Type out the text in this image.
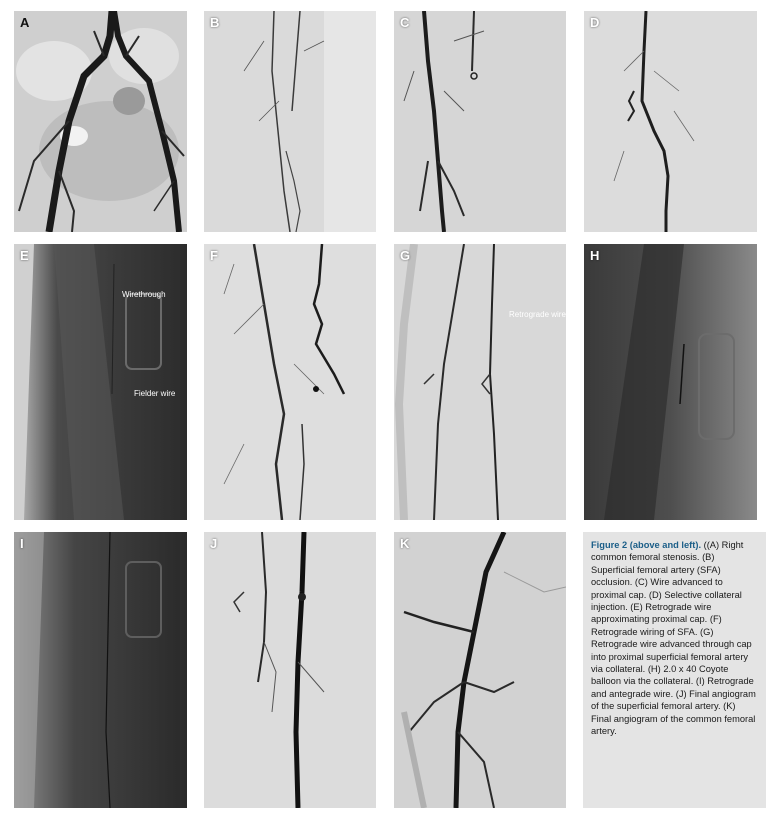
A	B	C	D
Wirethrough
Fielder wire
E	F
Retrograde wire
G	H
I	J	K	Figure 2 (above and left). ((A) Right common femoral stenosis. (B) Superficial femoral artery (SFA) occlusion. (C) Wire advanced to proximal cap. (D) Selective collateral injection. (E) Retrograde wire approximating proximal cap. (F) Retrograde wiring of SFA. (G) Retrograde wire advanced through cap into proximal superficial femoral artery via collateral. (H) 2.0 x 40 Coyote balloon via the collateral. (I) Retrograde and antegrade wire. (J) Final angiogram of the superficial femoral artery. (K) Final angiogram of the common femoral artery.
